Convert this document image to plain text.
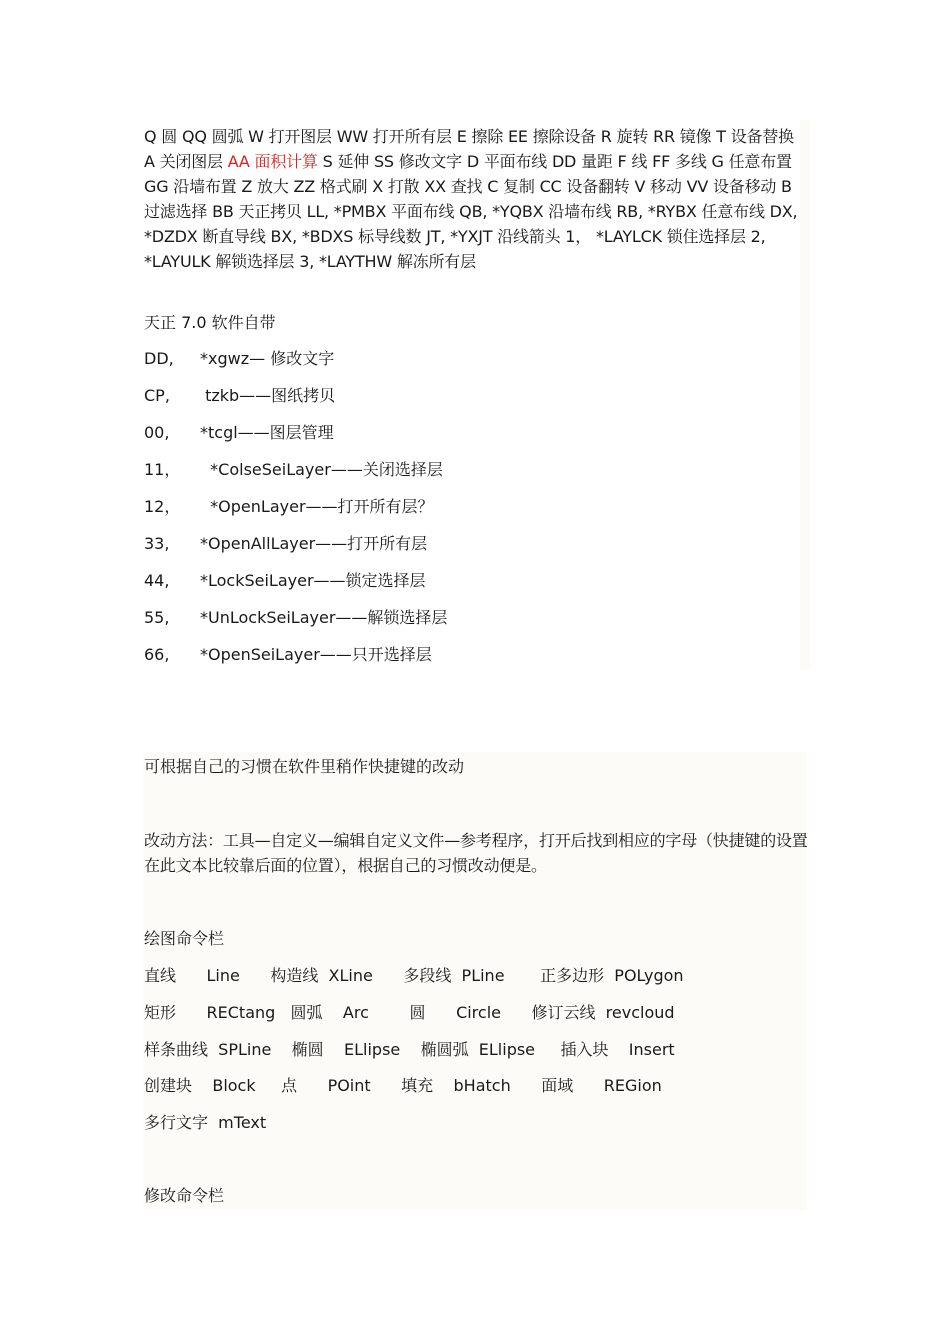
Q 圆 QQ 圆弧 W 打开图层 WW 打开所有层 E 擦除 EE 擦除设备 R 旋转 RR 镜像 T 设备替换 A 关闭图层 AA 面积计算 S 延伸 SS 修改文字 D 平面布线 DD 量距 F 线 FF 多线 G 任意布置 GG 沿墙布置 Z 放大 ZZ 格式刷 X 打散 XX 查找 C 复制 CC 设备翻转 V 移动 VV 设备移动 B 过滤选择 BB 天正拷贝 LL, *PMBX 平面布线 QB, *YQBX 沿墙布线 RB, *RYBX 任意布线 DX, *DZDX 断直导线 BX, *BDXS 标导线数 JT, *YXJT 沿线箭头 1， *LAYLCK 锁住选择层 2, *LAYULK 解锁选择层 3, *LAYTHW 解冻所有层

天正 7.0 软件自带
DD, *xgwz— 修改文字
CP, tzkb——图纸拷贝
00, *tcgl——图层管理
11，  *ColseSeiLayer——关闭选择层
12，  *OpenLayer——打开所有层？
33, *OpenAllLayer——打开所有层
44, *LockSeiLayer——锁定选择层
55, *UnLockSeiLayer——解锁选择层
66, *OpenSeiLayer——只开选择层
可根据自己的习惯在软件里稍作快捷键的改动

改动方法：工具—自定义—编辑自定义文件—参考程序，打开后找到相应的字母（快捷键的设置在此文本比较靠后面的位置），根据自己的习惯改动便是。

绘图命令栏
直线      Line      构造线  XLine      多段线  PLine       正多边形  POLygon
矩形      RECtang   圆弧    Arc        圆      Circle      修订云线  revcloud
样条曲线  SPLine    椭圆    ELlipse    椭圆弧  ELlipse     插入块    Insert
创建块    Block     点      POint      填充    bHatch      面域      REGion
多行文字  mText
修改命令栏
